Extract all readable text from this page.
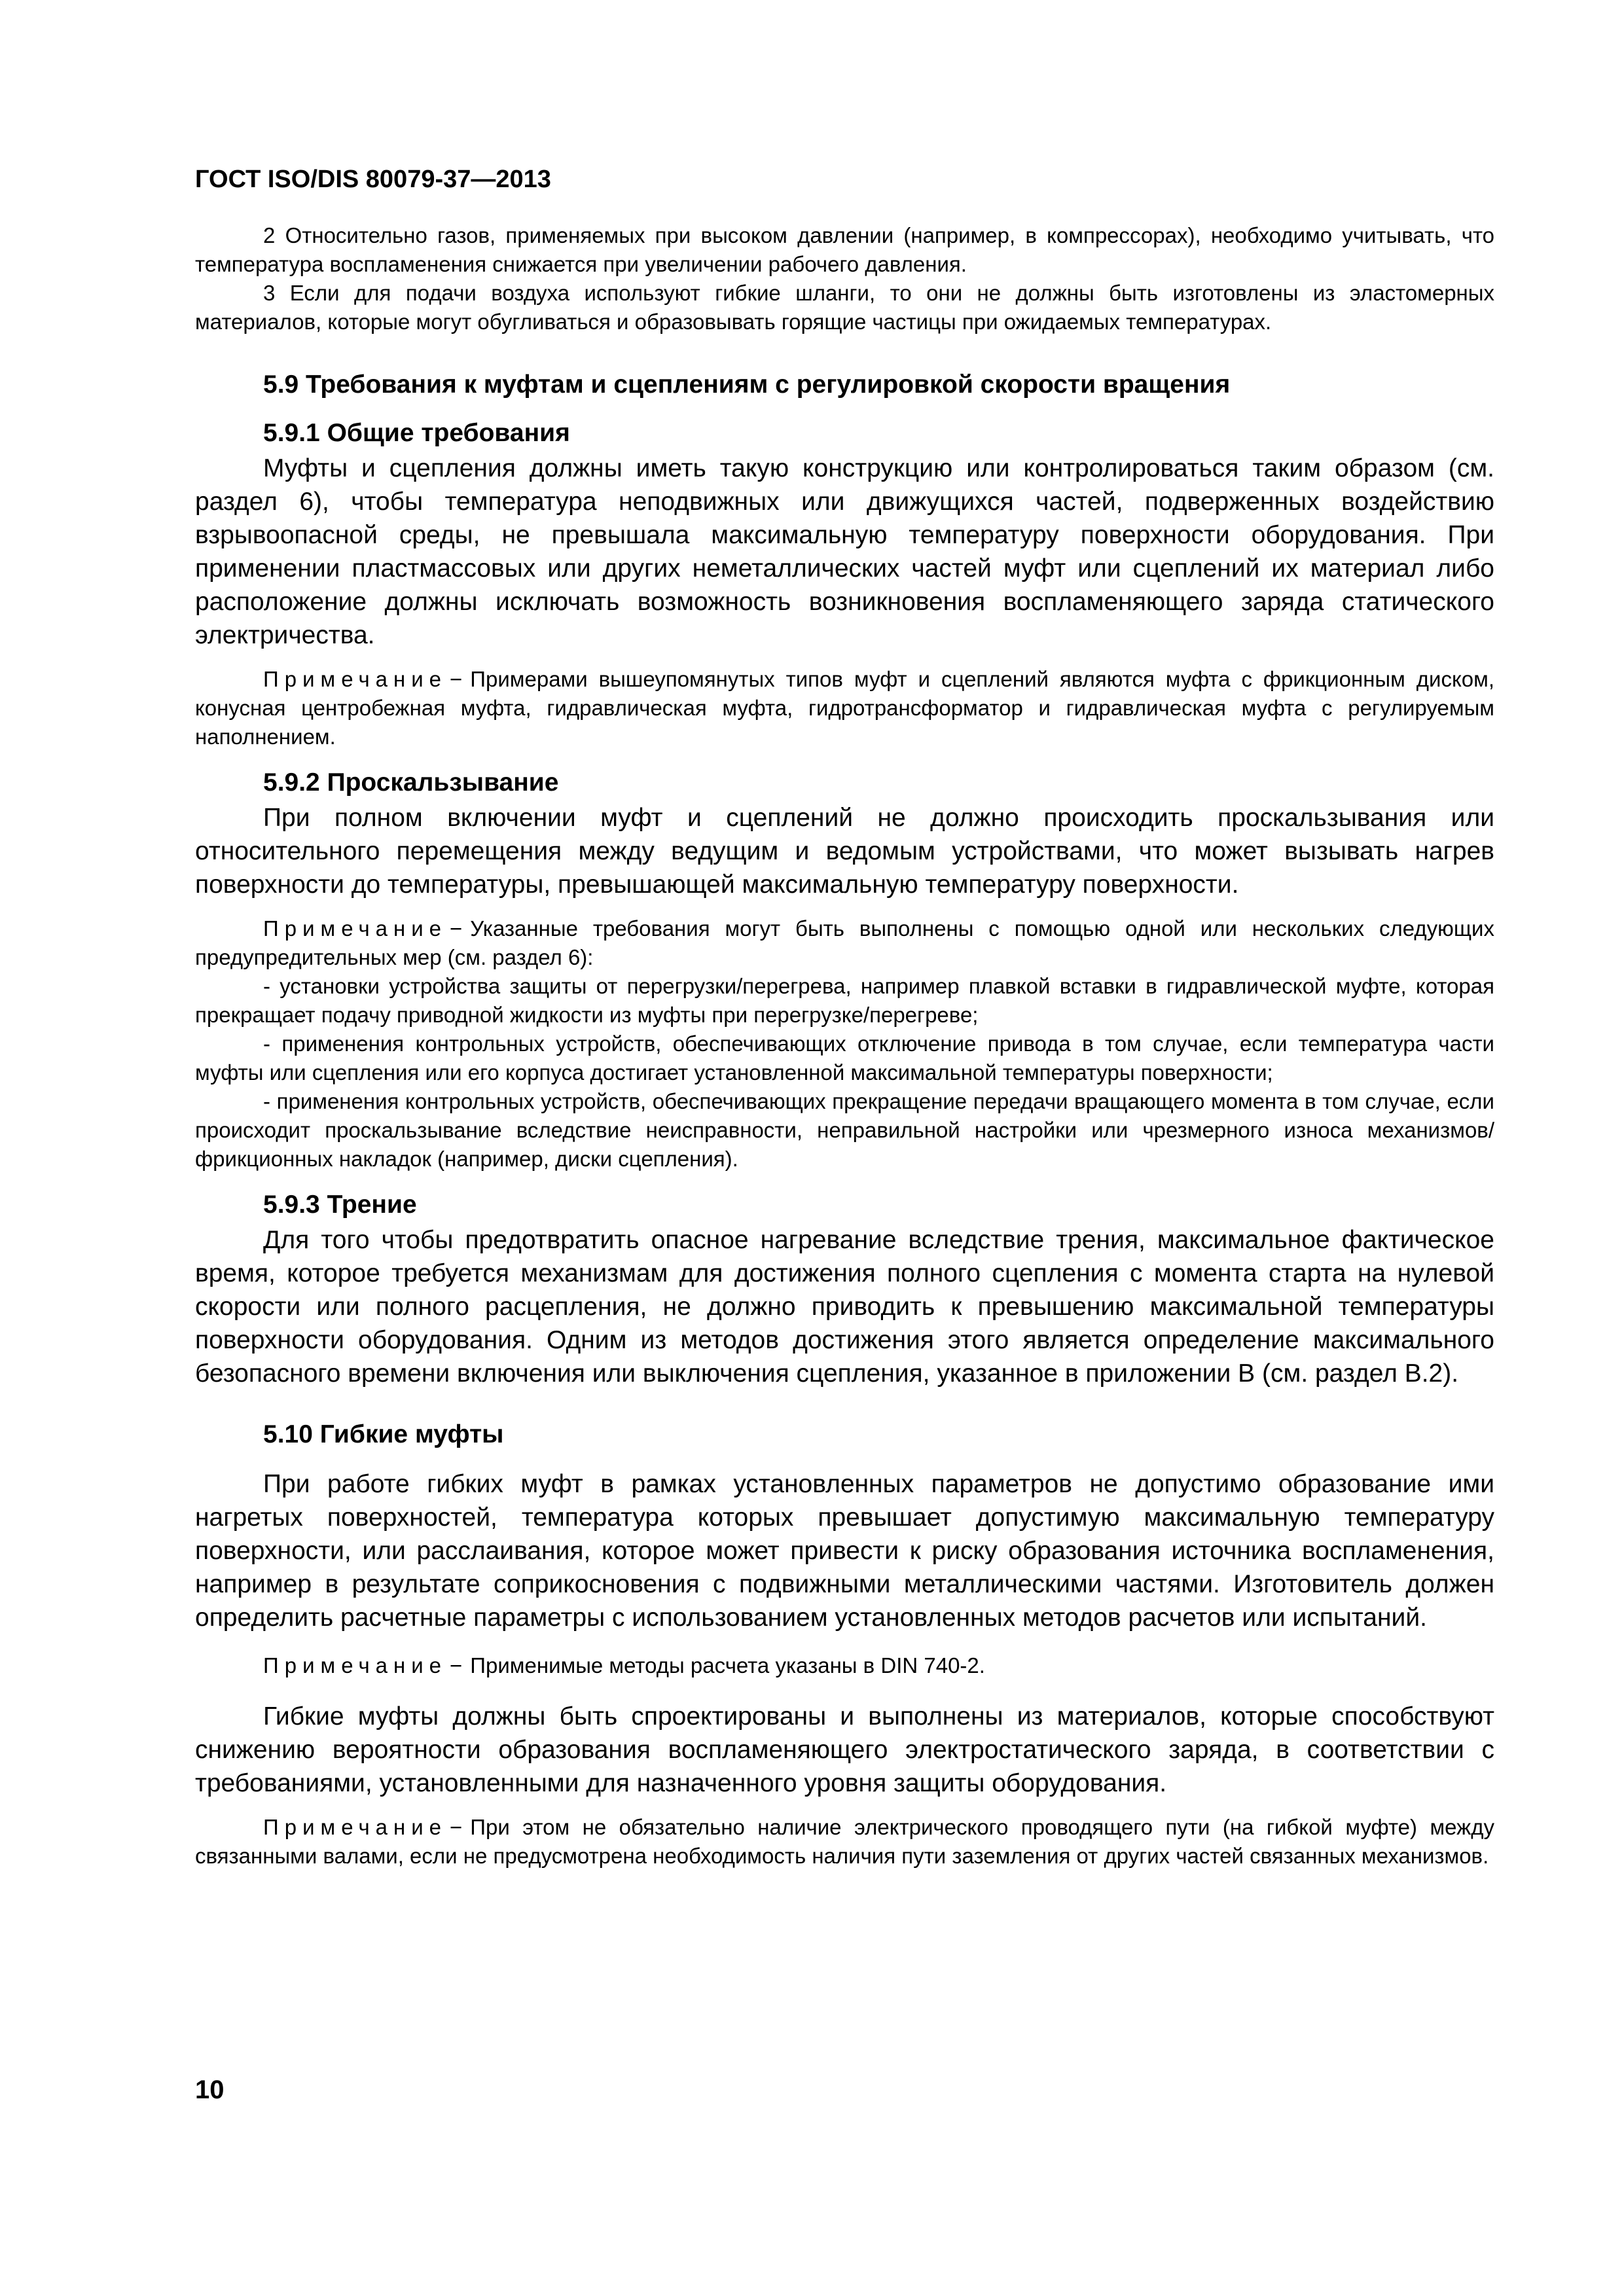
ГОСТ ISO/DIS 80079-37—2013

2 Относительно газов, применяемых при высоком давлении (например, в компрессорах), необходимо учитывать, что температура воспламенения снижается при увеличении рабочего давления.

3 Если для подачи воздуха используют гибкие шланги, то они не должны быть изготовлены из эластомерных материалов, которые могут обугливаться и образовывать горящие частицы при ожидаемых температурах.

5.9 Требования к муфтам и сцеплениям с регулировкой скорости вращения
5.9.1 Общие требования

Муфты и сцепления должны иметь такую конструкцию или контролироваться таким образом (см. раздел 6), чтобы температура неподвижных или движущихся частей, подверженных воздействию взрывоопасной среды, не превышала максимальную температуру поверхности оборудования. При применении пластмассовых или других неметаллических частей муфт или сцеплений их материал либо расположение должны исключать возможность возникновения воспламеняющего заряда статического электричества.

Примечание − Примерами вышеупомянутых типов муфт и сцеплений являются муфта с фрикционным диском, конусная центробежная муфта, гидравлическая муфта, гидротрансформатор и гидравлическая муфта с регулируемым наполнением.

5.9.2 Проскальзывание

При полном включении муфт и сцеплений не должно происходить проскальзывания или относительного перемещения между ведущим и ведомым устройствами, что может вызывать нагрев поверхности до температуры, превышающей максимальную температуру поверхности.

Примечание − Указанные требования могут быть выполнены с помощью одной или нескольких следующих предупредительных мер (см. раздел 6):

- установки устройства защиты от перегрузки/перегрева, например плавкой вставки в гидравлической муфте, которая прекращает подачу приводной жидкости из муфты при перегрузке/перегреве;

- применения контрольных устройств, обеспечивающих отключение привода в том случае, если температура части муфты или сцепления или его корпуса достигает установленной максимальной температуры поверхности;

- применения контрольных устройств, обеспечивающих прекращение передачи вращающего момента в том случае, если происходит проскальзывание вследствие неисправности, неправильной настройки или чрезмерного износа механизмов/фрикционных накладок (например, диски сцепления).

5.9.3 Трение

Для того чтобы предотвратить опасное нагревание вследствие трения, максимальное фактическое время, которое требуется механизмам для достижения полного сцепления с момента старта на нулевой скорости или полного расцепления, не должно приводить к превышению максимальной температуры поверхности оборудования. Одним из методов достижения этого является определение максимального безопасного времени включения или выключения сцепления, указанное в приложении B (см. раздел B.2).

5.10 Гибкие муфты

При работе гибких муфт в рамках установленных параметров не допустимо образование ими нагретых поверхностей, температура которых превышает допустимую максимальную температуру поверхности, или расслаивания, которое может привести к риску образования источника воспламенения, например в результате соприкосновения с подвижными металлическими частями. Изготовитель должен определить расчетные параметры с использованием установленных методов расчетов или испытаний.

Примечание − Применимые методы расчета указаны в DIN 740-2.

Гибкие муфты должны быть спроектированы и выполнены из материалов, которые способствуют снижению вероятности образования воспламеняющего электростатического заряда, в соответствии с требованиями, установленными для назначенного уровня защиты оборудования.

Примечание − При этом не обязательно наличие электрического проводящего пути (на гибкой муфте) между связанными валами, если не предусмотрена необходимость наличия пути заземления от других частей связанных механизмов.

10
